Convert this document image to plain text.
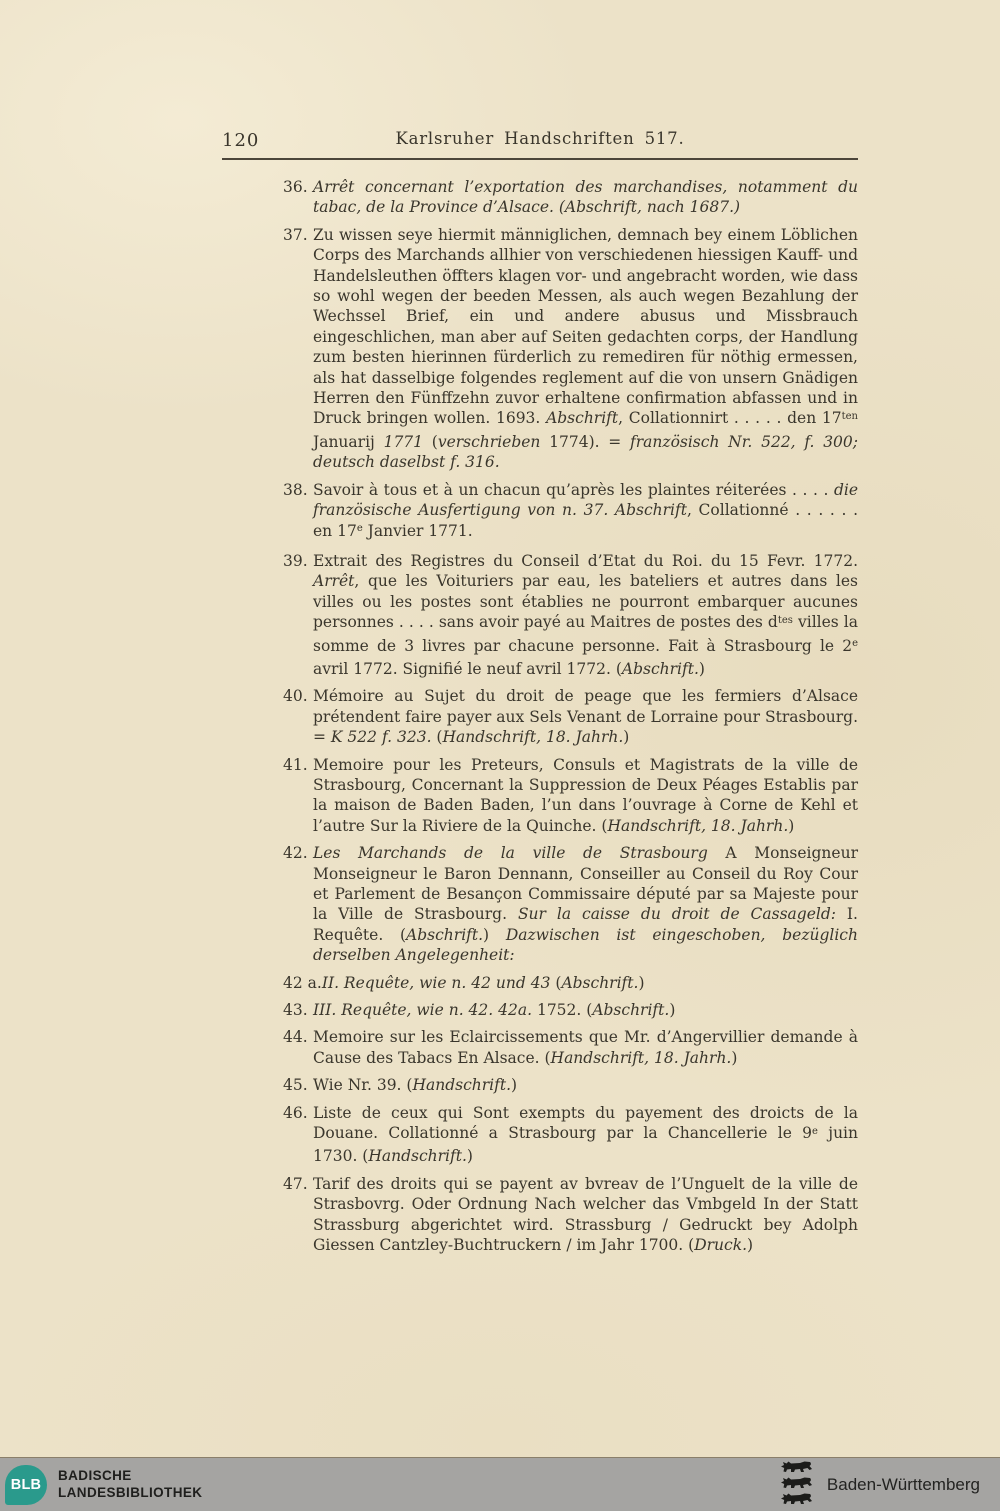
120	Karlsruher Handschriften 517.

36. Arrêt concernant l’exportation des marchandises, notamment du tabac, de la Province d’Alsace. (Abschrift, nach 1687.)

37. Zu wissen seye hiermit männiglichen, demnach bey einem Löblichen Corps des Marchands allhier von verschiedenen hiessigen Kauff- und Handelsleuthen öffters klagen vor- und angebracht worden, wie dass so wohl wegen der beeden Messen, als auch wegen Bezahlung der Wechssel Brief, ein und andere abusus und Missbrauch eingeschlichen, man aber auf Seiten gedachten corps, der Handlung zum besten hierinnen fürderlich zu remediren für nöthig ermessen, als hat dasselbige folgendes reglement auf die von unsern Gnädigen Herren den Fünffzehn zuvor erhaltene confirmation abfassen und in Druck bringen wollen. 1693. Abschrift, Collationnirt . . . . . den $17^{ten}$ Januarij 1771 (verschrieben 1774). = französisch Nr. 522, f. 300; deutsch daselbst f. 316.

38. Savoir à tous et à un chacun qu’après les plaintes réiterées . . . . die französische Ausfertigung von n. 37. Abschrift, Collationné . . . . . . en 17e Janvier 1771.

39. Extrait des Registres du Conseil d’Etat du Roi. du 15 Fevr. 1772. Arrêt, que les Voituriers par eau, les bateliers et autres dans les villes ou les postes sont établies ne pourront embarquer aucunes personnes . . . . sans avoir payé au Maitres de postes des $d^{tes}$ villes la somme de 3 livres par chacune personne. Fait à Strasbourg le 2e avril 1772. Signifié le neuf avril 1772. (Abschrift.)

40. Mémoire au Sujet du droit de peage que les fermiers d’Alsace prétendent faire payer aux Sels Venant de Lorraine pour Strasbourg. = K 522 f. 323. (Handschrift, 18. Jahrh.)

41. Memoire pour les Preteurs, Consuls et Magistrats de la ville de Strasbourg, Concernant la Suppression de Deux Péages Establis par la maison de Baden Baden, l’un dans l’ouvrage à Corne de Kehl et l’autre Sur la Riviere de la Quinche. (Handschrift, 18. Jahrh.)

42. Les Marchands de la ville de Strasbourg A Monseigneur Monseigneur le Baron Dennann, Conseiller au Conseil du Roy Cour et Parlement de Besançon Commissaire député par sa Majeste pour la Ville de Strasbourg. Sur la caisse du droit de Cassageld: I. Requête. (Abschrift.) Dazwischen ist eingeschoben, bezüglich derselben Angelegenheit:

42 a.II. Requête, wie n. 42 und 43 (Abschrift.)

43. III. Requête, wie n. 42. 42a. 1752. (Abschrift.)

44. Memoire sur les Eclaircissements que Mr. d’Angervillier demande à Cause des Tabacs En Alsace. (Handschrift, 18. Jahrh.)

45. Wie Nr. 39. (Handschrift.)

46. Liste de ceux qui Sont exempts du payement des droicts de la Douane. Collationné a Strasbourg par la Chancellerie le 9e juin 1730. (Handschrift.)

47. Tarif des droits qui se payent av bvreav de l’Unguelt de la ville de Strasbovrg. Oder Ordnung Nach welcher das Vmbgeld In der Statt Strassburg abgerichtet wird. Strassburg / Gedruckt bey Adolph Giessen Cantzley-Buchtruckern / im Jahr 1700. (Druck.)

BLB
BADISCHE
LANDESBIBLIOTHEK	Baden-Württemberg
